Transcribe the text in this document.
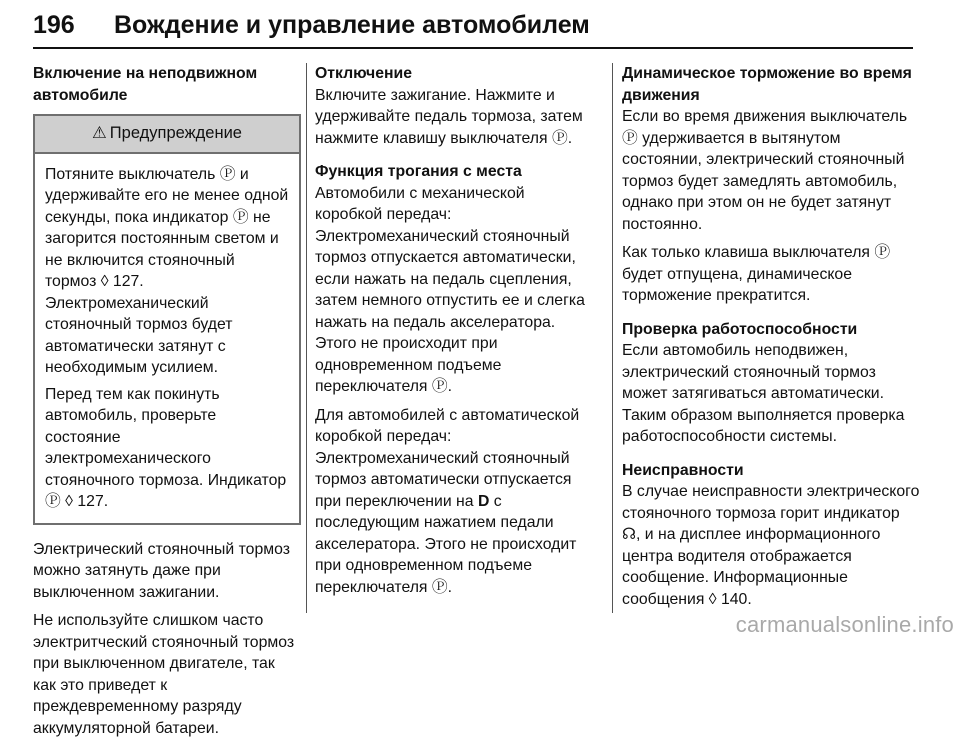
196 Вождение и управление автомобилем
Включение на неподвижном автомобиле
⚠ Предупреждение

Потяните выключатель Ⓟ и удерживайте его не менее одной секунды, пока индикатор Ⓟ не загорится постоянным светом и не включится стояночный тормоз ◊ 127. Электромеханический стояночный тормоз будет автоматически затянут с необходимым усилием.

Перед тем как покинуть автомобиль, проверьте состояние электромеханического стояночного тормоза. Индикатор Ⓟ ◊ 127.

Электрический стояночный тормоз можно затянуть даже при выключенном зажигании.

Не используйте слишком часто электритческий стояночный тормоз при выключенном двигателе, так как это приведет к преждевременному разряду аккумуляторной батареи.

Отключение

Включите зажигание. Нажмите и удерживайте педаль тормоза, затем нажмите клавишу выключателя Ⓟ.

Функция трогания с места

Автомобили с механической коробкой передач: Электромеханический стояночный тормоз отпускается автоматически, если нажать на педаль сцепления, затем немного отпустить ее и слегка нажать на педаль акселератора. Этого не происходит при одновременном подъеме переключателя Ⓟ.

Для автомобилей с автоматической коробкой передач: Электромеханический стояночный тормоз автоматически отпускается при переключении на D с последующим нажатием педали акселератора. Этого не происходит при одновременном подъеме переключателя Ⓟ.

Динамическое торможение во время движения

Если во время движения выключатель Ⓟ удерживается в вытянутом состоянии, электрический стояночный тормоз будет замедлять автомобиль, однако при этом он не будет затянут постоянно.

Как только клавиша выключателя Ⓟ будет отпущена, динамическое торможение прекратится.

Проверка работоспособности

Если автомобиль неподвижен, электрический стояночный тормоз может затягиваться автоматически. Таким образом выполняется проверка работоспособности системы.

Неисправности

В случае неисправности электрического стояночного тормоза горит индикатор ☊, и на дисплее информационного центра водителя отображается сообщение. Информационные сообщения ◊ 140.

carmanualsonline.info
